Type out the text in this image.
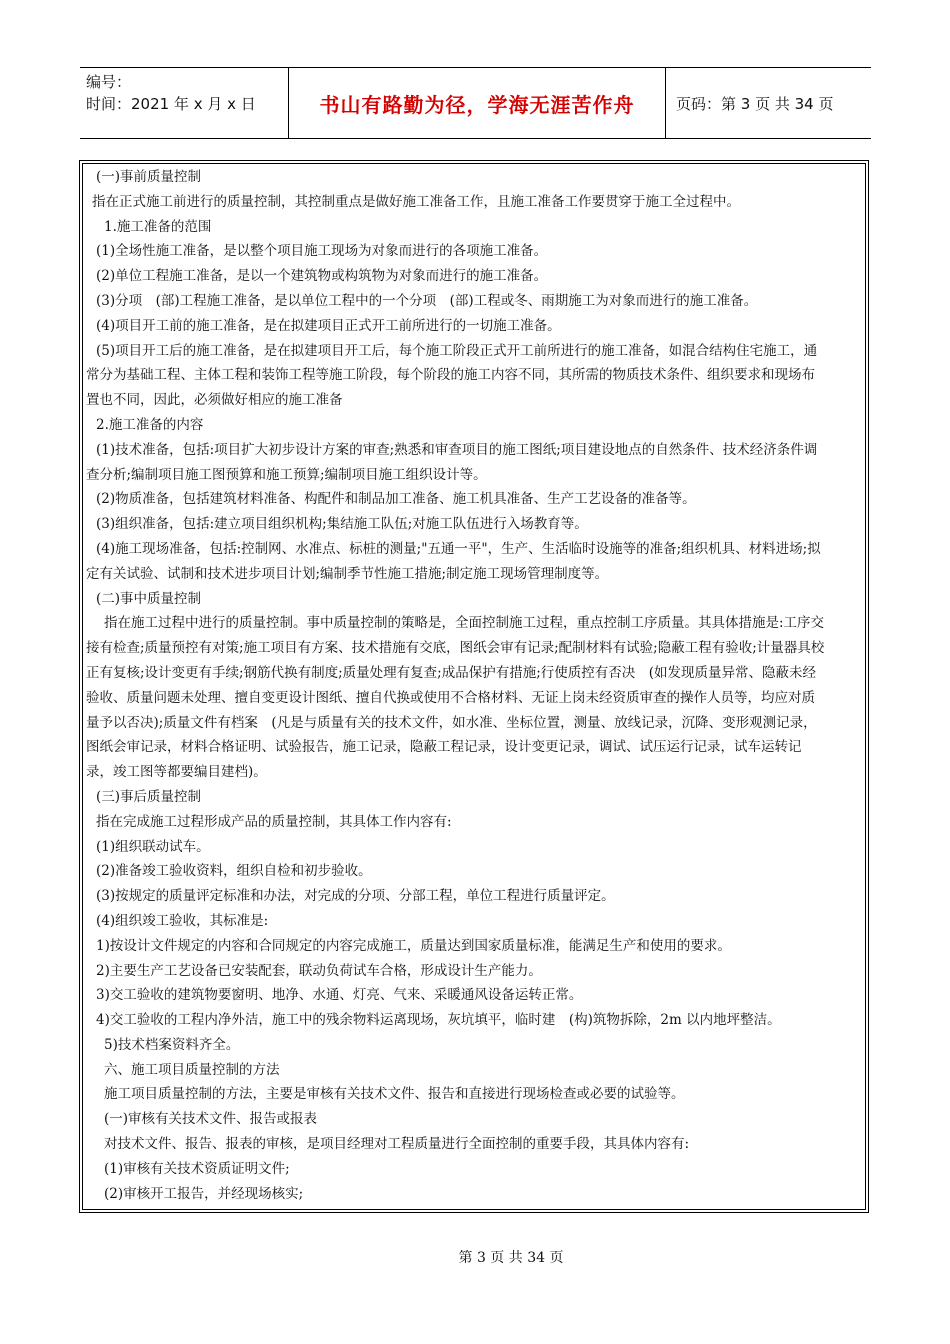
编号：
时间：2021 年 x 月 x 日	书山有路勤为径，学海无涯苦作舟	页码：第 3 页 共 34 页
(一)事前质量控制
指在正式施工前进行的质量控制，其控制重点是做好施工准备工作，且施工准备工作要贯穿于施工全过程中。
1.施工准备的范围
(1)全场性施工准备，是以整个项目施工现场为对象而进行的各项施工准备。
(2)单位工程施工准备，是以一个建筑物或构筑物为对象而进行的施工准备。
(3)分项　(部)工程施工准备，是以单位工程中的一个分项　(部)工程或冬、雨期施工为对象而进行的施工准备。
(4)项目开工前的施工准备，是在拟建项目正式开工前所进行的一切施工准备。
(5)项目开工后的施工准备，是在拟建项目开工后，每个施工阶段正式开工前所进行的施工准备，如混合结构住宅施工，通
常分为基础工程、主体工程和装饰工程等施工阶段，每个阶段的施工内容不同，其所需的物质技术条件、组织要求和现场布
置也不同，因此，必须做好相应的施工准备
2.施工准备的内容
(1)技术准备，包括:项目扩大初步设计方案的审查;熟悉和审查项目的施工图纸;项目建设地点的自然条件、技术经济条件调
查分析;编制项目施工图预算和施工预算;编制项目施工组织设计等。
(2)物质准备，包括建筑材料准备、构配件和制品加工准备、施工机具准备、生产工艺设备的准备等。
(3)组织准备，包括:建立项目组织机构;集结施工队伍;对施工队伍进行入场教育等。
(4)施工现场准备，包括:控制网、水准点、标桩的测量;"五通一平"，生产、生活临时设施等的准备;组织机具、材料进场;拟
定有关试验、试制和技术进步项目计划;编制季节性施工措施;制定施工现场管理制度等。
(二)事中质量控制
指在施工过程中进行的质量控制。事中质量控制的策略是，全面控制施工过程，重点控制工序质量。其具体措施是:工序交
接有检查;质量预控有对策;施工项目有方案、技术措施有交底，图纸会审有记录;配制材料有试验;隐蔽工程有验收;计量器具校
正有复核;设计变更有手续;钢筋代换有制度;质量处理有复查;成品保护有措施;行使质控有否决　(如发现质量异常、隐蔽未经
验收、质量问题未处理、擅自变更设计图纸、擅自代换或使用不合格材料、无证上岗未经资质审查的操作人员等，均应对质
量予以否决);质量文件有档案　(凡是与质量有关的技术文件，如水准、坐标位置，测量、放线记录，沉降、变形观测记录，
图纸会审记录，材料合格证明、试验报告，施工记录，隐蔽工程记录，设计变更记录，调试、试压运行记录，试车运转记
录，竣工图等都要编目建档)。
(三)事后质量控制
指在完成施工过程形成产品的质量控制，其具体工作内容有:
(1)组织联动试车。
(2)准备竣工验收资料，组织自检和初步验收。
(3)按规定的质量评定标准和办法，对完成的分项、分部工程，单位工程进行质量评定。
(4)组织竣工验收，其标准是:
1)按设计文件规定的内容和合同规定的内容完成施工，质量达到国家质量标准，能满足生产和使用的要求。
2)主要生产工艺设备已安装配套，联动负荷试车合格，形成设计生产能力。
3)交工验收的建筑物要窗明、地净、水通、灯亮、气来、采暖通风设备运转正常。
4)交工验收的工程内净外洁，施工中的残余物料运离现场，灰坑填平，临时建　(构)筑物拆除，2m 以内地坪整洁。
5)技术档案资料齐全。
六、施工项目质量控制的方法
施工项目质量控制的方法，主要是审核有关技术文件、报告和直接进行现场检查或必要的试验等。
(一)审核有关技术文件、报告或报表
对技术文件、报告、报表的审核，是项目经理对工程质量进行全面控制的重要手段，其具体内容有:
(1)审核有关技术资质证明文件;
(2)审核开工报告，并经现场核实;
第 3 页 共 34 页
